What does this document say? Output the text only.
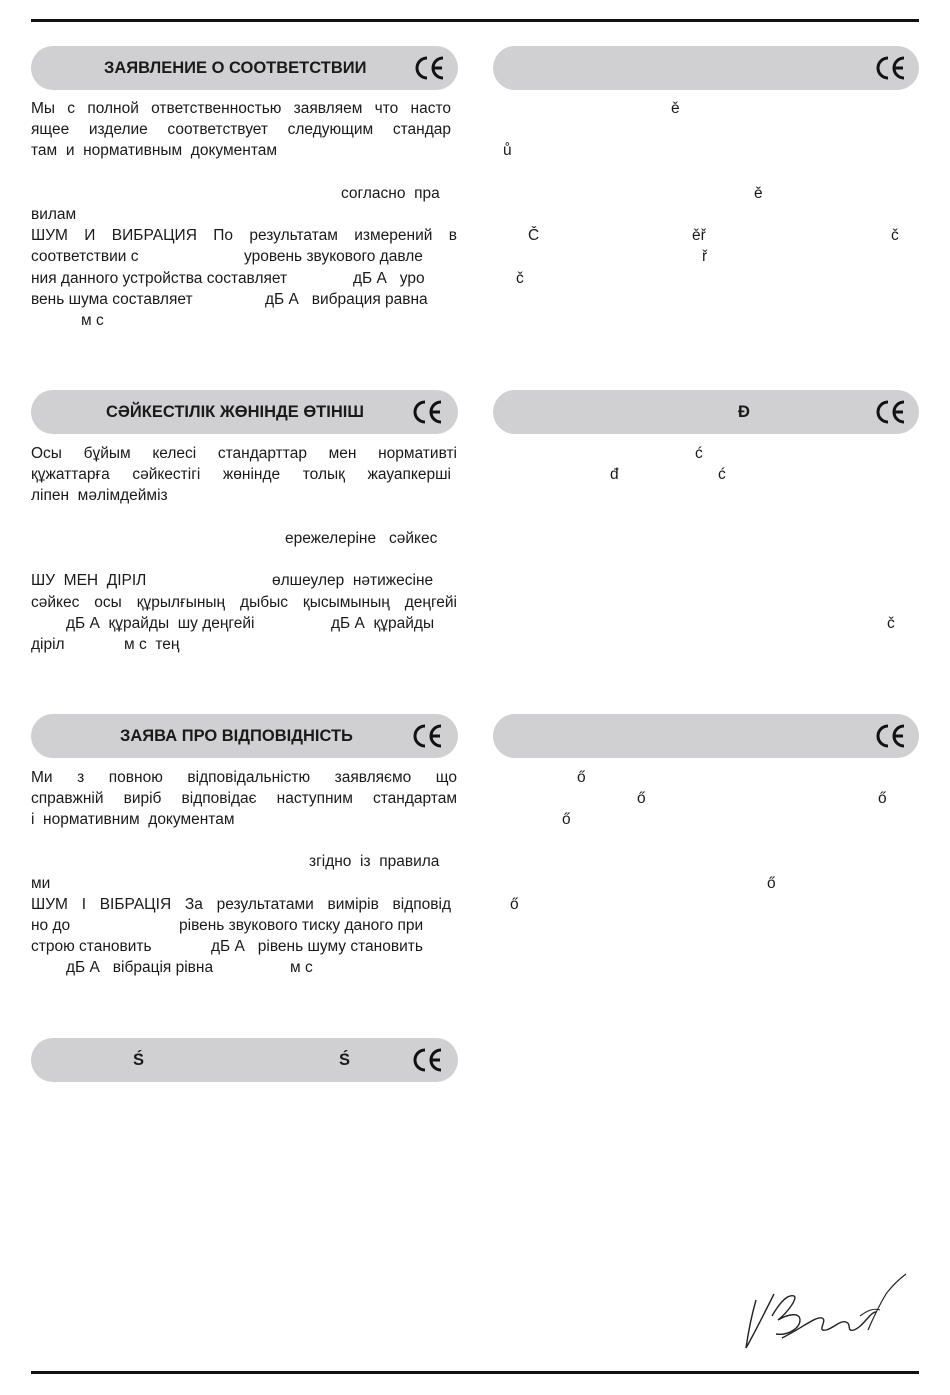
ЗАЯВЛЕНИЕ О СООТВЕТСТВИИ
Мы с полной ответственностью заявляем что насто
ящее изделие соответствует следующим стандар
там  и  нормативным  документам
согласно  пра
вилам
ШУМ И ВИБРАЦИЯ По результатам измерений в
соответствии с	уровень звукового давле
ния данного устройства составляет	дБ А   уро
вень шума составляет	дБ А   вибрация равна
м с
ě
ů
ě
Č	ěř	č
ř
č
СӘЙКЕСТІЛІК ЖӨНІНДЕ ӨТІНІШ
Осы бұйым келесі стандарттар мен нормативті
құжаттарға сәйкестігі жөнінде толық жауапкерші
ліпен  мәлімдейміз
ережелеріне   сәйкес
ШУ  МЕН  ДІРІЛ	өлшеулер  нәтижесіне
сәйкес осы құрылғының дыбыс қысымының деңгейі
дБ А  құрайды  шу деңгейі	дБ А  құрайды
діріл	м с  тең
Đ
ć
đ	ć
č
ЗАЯВА ПРО ВІДПОВІДНІСТЬ
Ми з повною відповідальністю заявляємо що
справжній виріб відповідає наступним стандартам
і  нормативним  документам
згідно  із  правила
ми
ШУМ І ВІБРАЦІЯ За результатами вимірів відповід
но до	рівень звукового тиску даного при
строю становить	дБ А   рівень шуму становить
дБ А   вібрація рівна	м с
ő
ő	ő
ő
ő
ő
Ś	Ś
